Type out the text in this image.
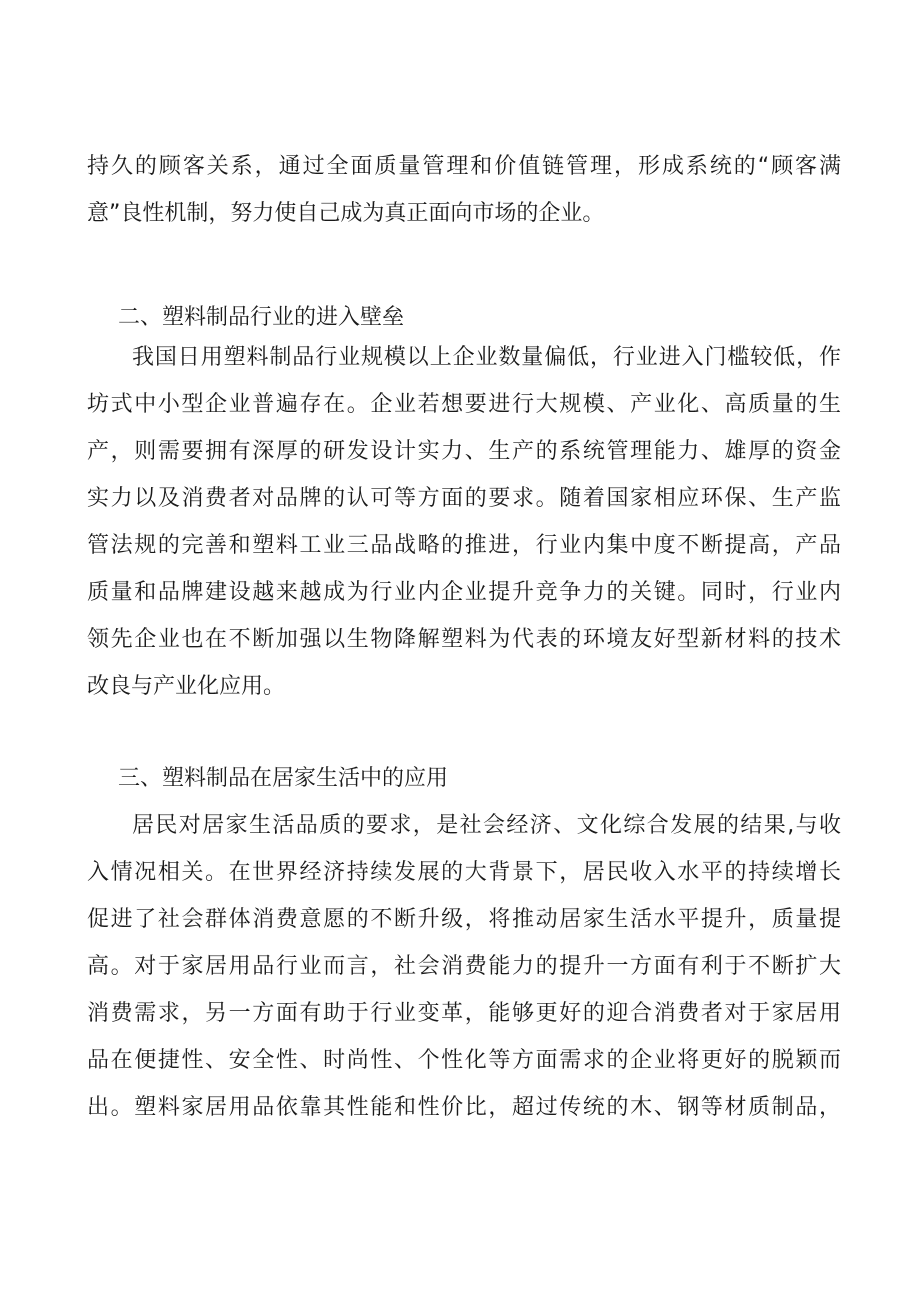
持久的顾客关系，通过全面质量管理和价值链管理，形成系统的“顾客满
意”良性机制，努力使自己成为真正面向市场的企业。
二、塑料制品行业的进入壁垒
我国日用塑料制品行业规模以上企业数量偏低，行业进入门槛较低，作
坊式中小型企业普遍存在。企业若想要进行大规模、产业化、高质量的生
产，则需要拥有深厚的研发设计实力、生产的系统管理能力、雄厚的资金
实力以及消费者对品牌的认可等方面的要求。随着国家相应环保、生产监
管法规的完善和塑料工业三品战略的推进，行业内集中度不断提高，产品
质量和品牌建设越来越成为行业内企业提升竞争力的关键。同时，行业内
领先企业也在不断加强以生物降解塑料为代表的环境友好型新材料的技术
改良与产业化应用。
三、塑料制品在居家生活中的应用
居民对居家生活品质的要求，是社会经济、文化综合发展的结果,与收
入情况相关。在世界经济持续发展的大背景下，居民收入水平的持续增长
促进了社会群体消费意愿的不断升级，将推动居家生活水平提升，质量提
高。对于家居用品行业而言，社会消费能力的提升一方面有利于不断扩大
消费需求，另一方面有助于行业变革，能够更好的迎合消费者对于家居用
品在便捷性、安全性、时尚性、个性化等方面需求的企业将更好的脱颖而
出。塑料家居用品依靠其性能和性价比，超过传统的木、钢等材质制品，
